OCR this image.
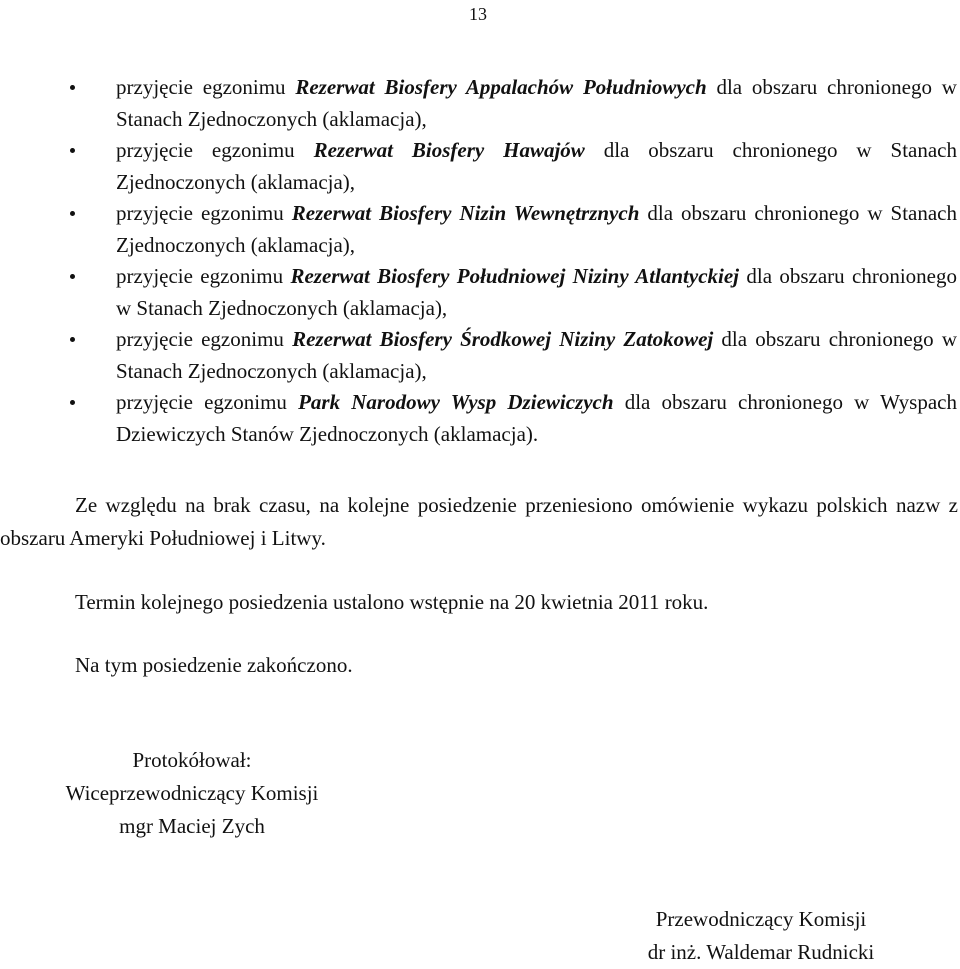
13
przyjęcie egzonimu Rezerwat Biosfery Appalachów Południowych dla obszaru chronionego w Stanach Zjednoczonych (aklamacja),
przyjęcie egzonimu Rezerwat Biosfery Hawajów dla obszaru chronionego w Stanach Zjednoczonych (aklamacja),
przyjęcie egzonimu Rezerwat Biosfery Nizin Wewnętrznych dla obszaru chronionego w Stanach Zjednoczonych (aklamacja),
przyjęcie egzonimu Rezerwat Biosfery Południowej Niziny Atlantyckiej dla obszaru chronionego w Stanach Zjednoczonych (aklamacja),
przyjęcie egzonimu Rezerwat Biosfery Środkowej Niziny Zatokowej dla obszaru chronionego w Stanach Zjednoczonych (aklamacja),
przyjęcie egzonimu Park Narodowy Wysp Dziewiczych dla obszaru chronionego w Wyspach Dziewiczych Stanów Zjednoczonych (aklamacja).

Ze względu na brak czasu, na kolejne posiedzenie przeniesiono omówienie wykazu polskich nazw z obszaru Ameryki Południowej i Litwy.

Termin kolejnego posiedzenia ustalono wstępnie na 20 kwietnia 2011 roku.

Na tym posiedzenie zakończono.

Protokółował:
Wiceprzewodniczący Komisji
mgr Maciej Zych
Przewodniczący Komisji
dr inż. Waldemar Rudnicki
